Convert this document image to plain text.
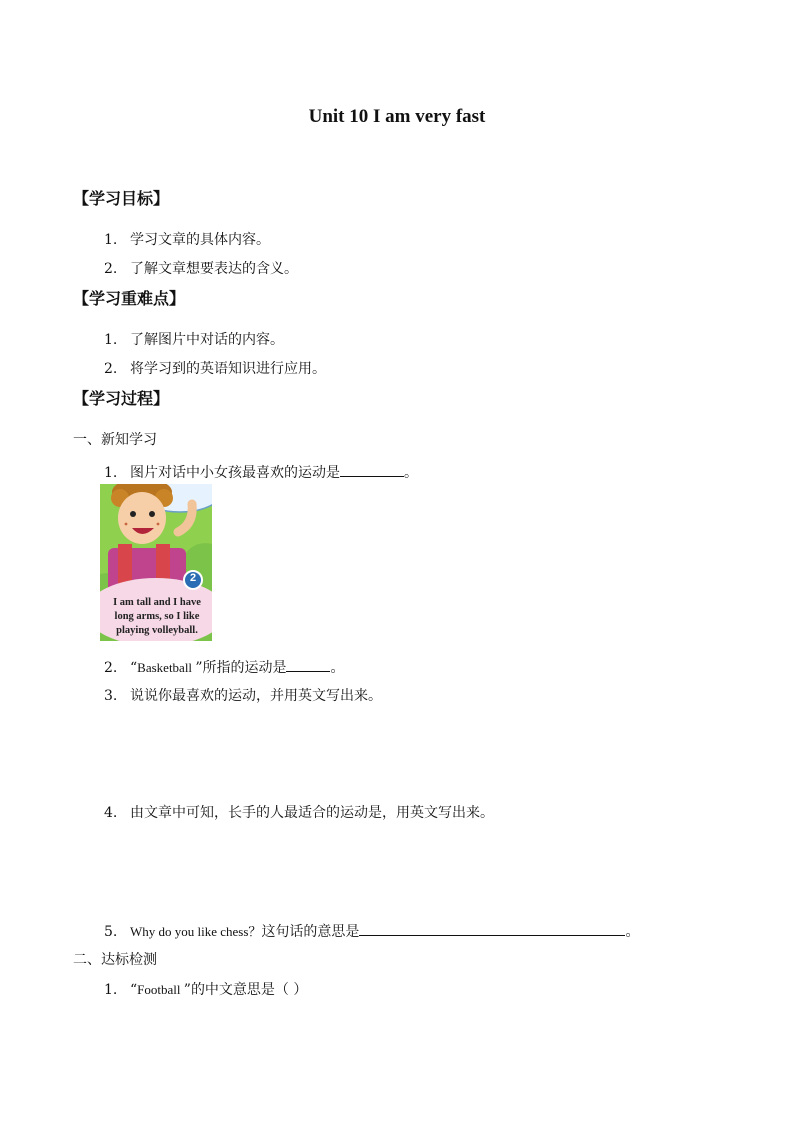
Unit 10 I am very fast
【学习目标】
1. 学习文章的具体内容。
2. 了解文章想要表达的含义。
【学习重难点】
1. 了解图片中对话的内容。
2. 将学习到的英语知识进行应用。
【学习过程】
一、新知学习
1. 图片对话中小女孩最喜欢的运动是	。
2
I am tall and I have
long arms, so I like
playing volleyball.
2. “Basketball ”所指的运动是	。
3. 说说你最喜欢的运动，并用英文写出来。
4. 由文章中可知，长手的人最适合的运动是，用英文写出来。
5. Why do you like chess？这句话的意思是	。
二、达标检测
1. “Football ”的中文意思是（ ）
